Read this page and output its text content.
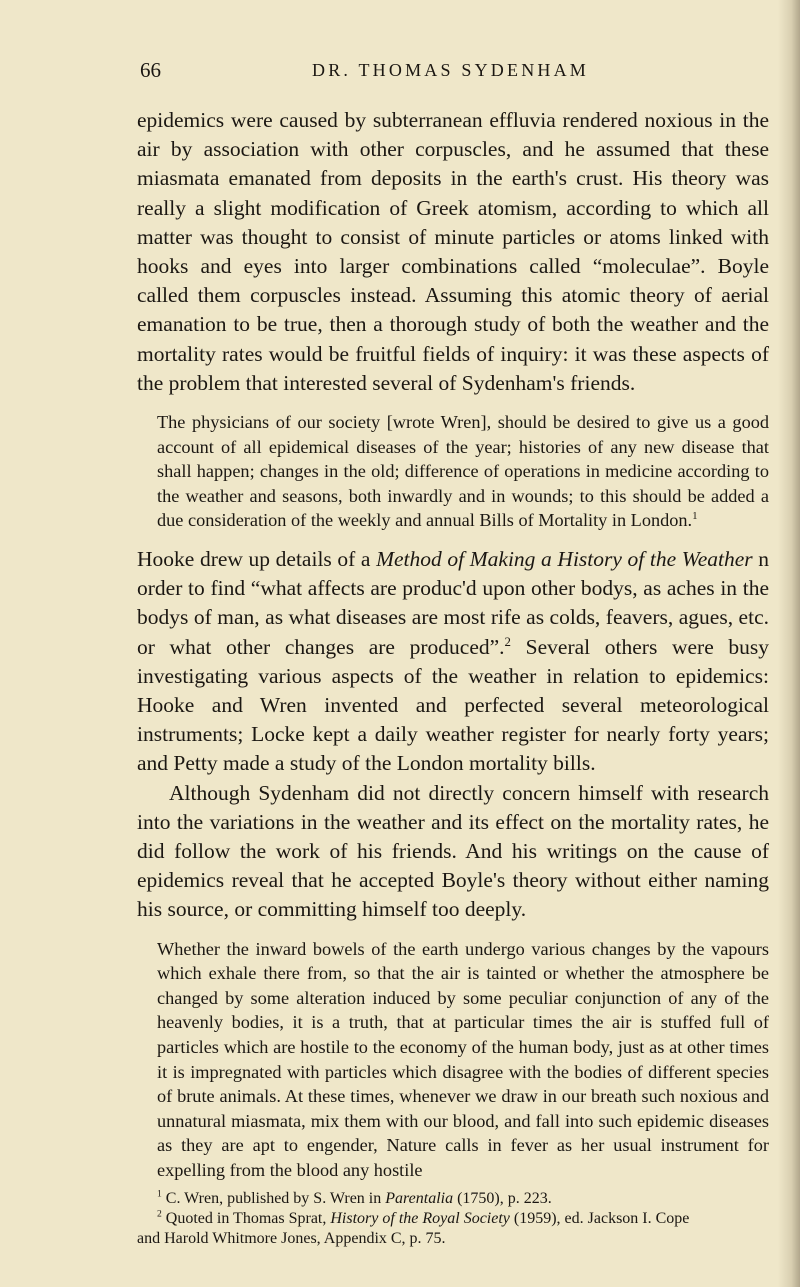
66	DR. THOMAS SYDENHAM

epidemics were caused by subterranean effluvia rendered noxious in the air by association with other corpuscles, and he assumed that these miasmata emanated from deposits in the earth's crust. His theory was really a slight modification of Greek atomism, according to which all matter was thought to consist of minute particles or atoms linked with hooks and eyes into larger combinations called “moleculae”. Boyle called them corpuscles instead. Assuming this atomic theory of aerial emanation to be true, then a thorough study of both the weather and the mortality rates would be fruitful fields of inquiry: it was these aspects of the problem that interested several of Sydenham's friends.

The physicians of our society [wrote Wren], should be desired to give us a good account of all epidemical diseases of the year; histories of any new disease that shall happen; changes in the old; difference of operations in medicine according to the weather and seasons, both inwardly and in wounds; to this should be added a due consideration of the weekly and annual Bills of Mortality in London.$^1$

Hooke drew up details of a Method of Making a History of the Weather n order to find “what affects are produc'd upon other bodys, as aches in the bodys of man, as what diseases are most rife as colds, feavers, agues, etc. or what other changes are produced”.$^2$ Several others were busy investigating various aspects of the weather in relation to epidemics: Hooke and Wren invented and perfected several meteorological instruments; Locke kept a daily weather register for nearly forty years; and Petty made a study of the London mortality bills.

Although Sydenham did not directly concern himself with research into the variations in the weather and its effect on the mortality rates, he did follow the work of his friends. And his writings on the cause of epidemics reveal that he accepted Boyle's theory without either naming his source, or committing himself too deeply.

Whether the inward bowels of the earth undergo various changes by the vapours which exhale there from, so that the air is tainted or whether the atmosphere be changed by some alteration induced by some peculiar conjunction of any of the heavenly bodies, it is a truth, that at particular times the air is stuffed full of particles which are hostile to the economy of the human body, just as at other times it is impregnated with particles which disagree with the bodies of different species of brute animals. At these times, whenever we draw in our breath such noxious and unnatural miasmata, mix them with our blood, and fall into such epidemic diseases as they are apt to engender, Nature calls in fever as her usual instrument for expelling from the blood any hostile

$^1$ C. Wren, published by S. Wren in Parentalia (1750), p. 223.

$^2$ Quoted in Thomas Sprat, History of the Royal Society (1959), ed. Jackson I. Cope

and Harold Whitmore Jones, Appendix C, p. 75.
